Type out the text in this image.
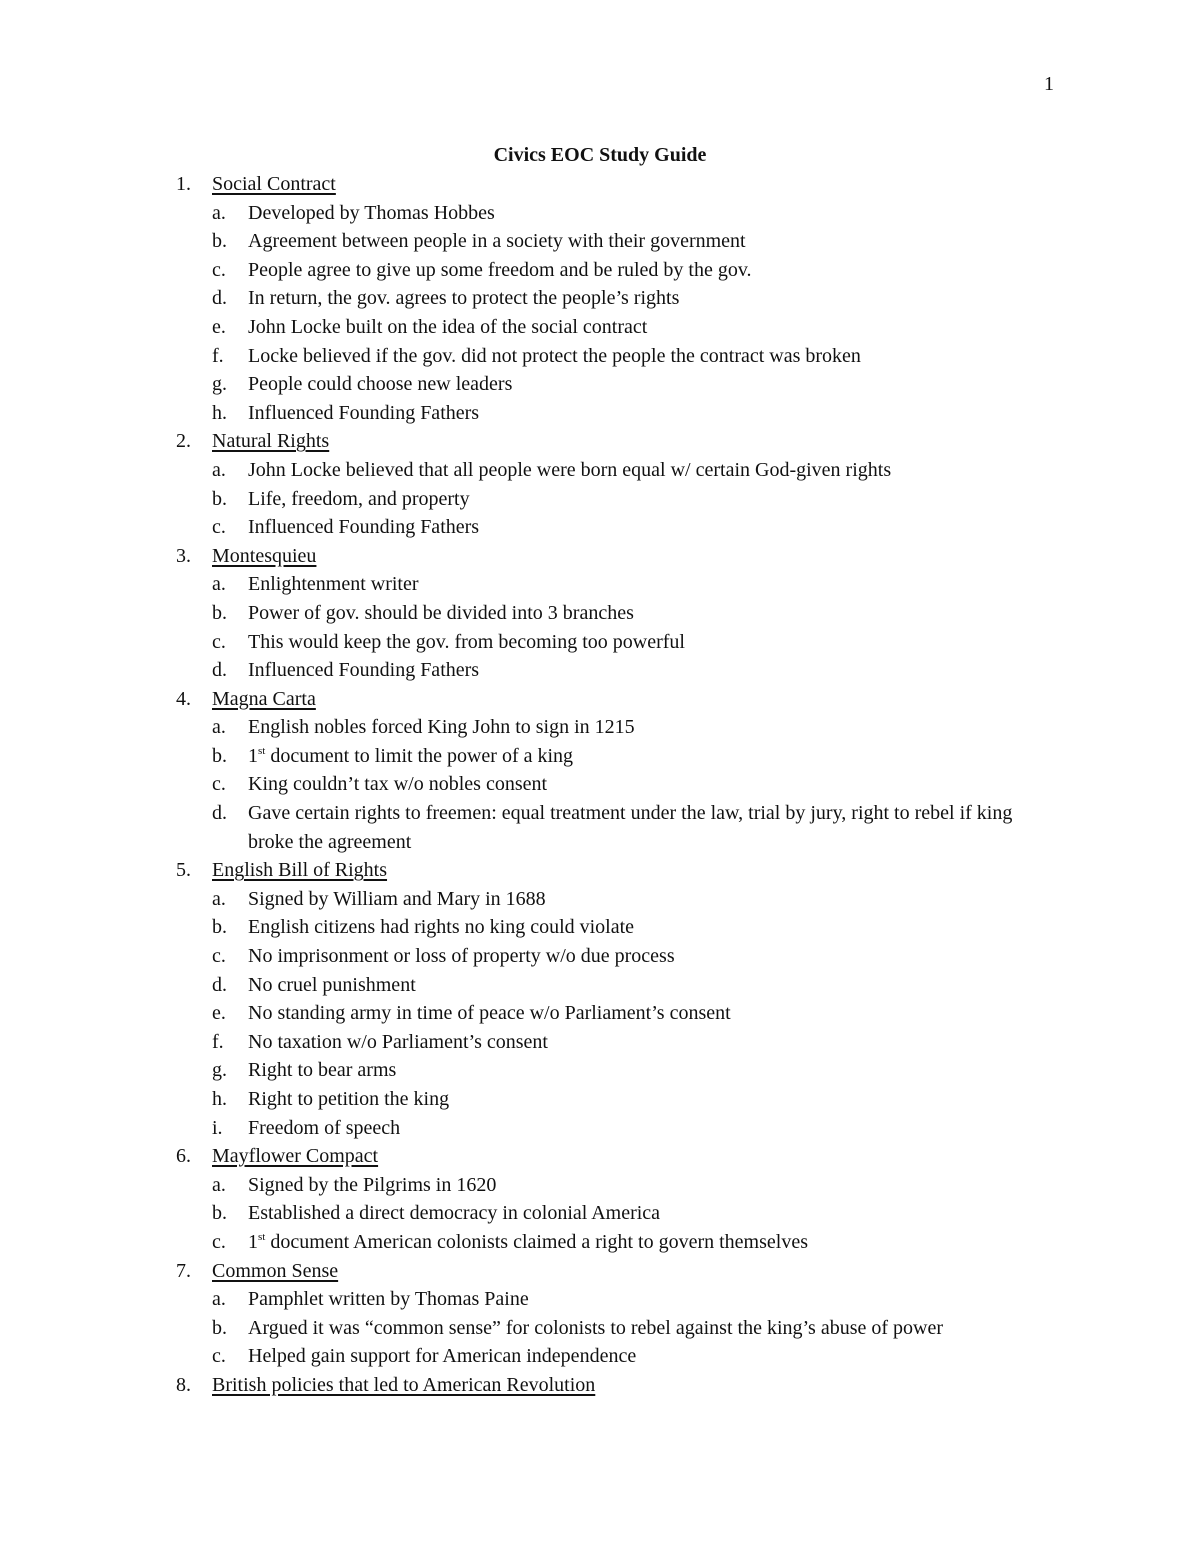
1
Civics EOC Study Guide
1. Social Contract
a. Developed by Thomas Hobbes
b. Agreement between people in a society with their government
c. People agree to give up some freedom and be ruled by the gov.
d. In return, the gov. agrees to protect the people’s rights
e. John Locke built on the idea of the social contract
f. Locke believed if the gov. did not protect the people the contract was broken
g. People could choose new leaders
h. Influenced Founding Fathers
2. Natural Rights
a. John Locke believed that all people were born equal w/ certain God-given rights
b. Life, freedom, and property
c. Influenced Founding Fathers
3. Montesquieu
a. Enlightenment writer
b. Power of gov. should be divided into 3 branches
c. This would keep the gov. from becoming too powerful
d. Influenced Founding Fathers
4. Magna Carta
a. English nobles forced King John to sign in 1215
b. 1st document to limit the power of a king
c. King couldn’t tax w/o nobles consent
d. Gave certain rights to freemen: equal treatment under the law, trial by jury, right to rebel if king broke the agreement
5. English Bill of Rights
a. Signed by William and Mary in 1688
b. English citizens had rights no king could violate
c. No imprisonment or loss of property w/o due process
d. No cruel punishment
e. No standing army in time of peace w/o Parliament’s consent
f. No taxation w/o Parliament’s consent
g. Right to bear arms
h. Right to petition the king
i. Freedom of speech
6. Mayflower Compact
a. Signed by the Pilgrims in 1620
b. Established a direct democracy in colonial America
c. 1st document American colonists claimed a right to govern themselves
7. Common Sense
a. Pamphlet written by Thomas Paine
b. Argued it was “common sense” for colonists to rebel against the king’s abuse of power
c. Helped gain support for American independence
8. British policies that led to American Revolution
